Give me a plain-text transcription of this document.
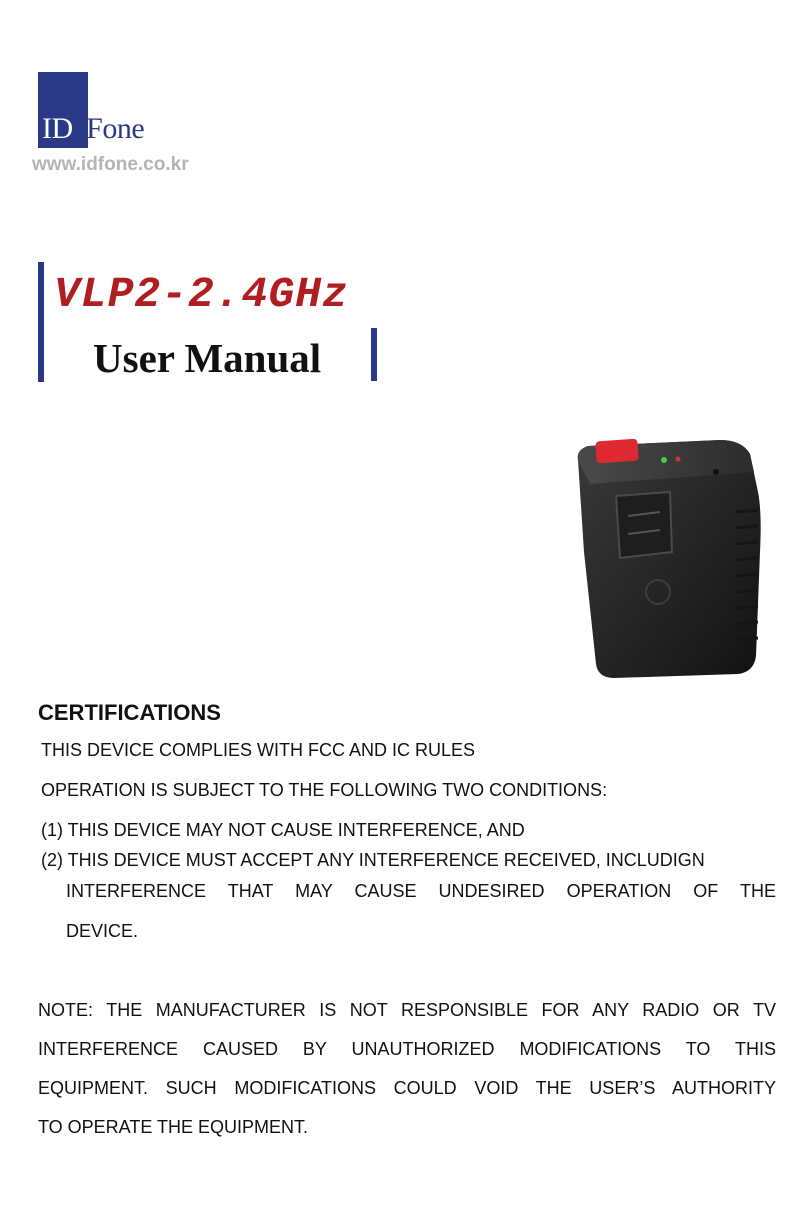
ID·Fone
www.idfone.co.kr
VLP2-2.4GHz
User Manual
CERTIFICATIONS
THIS DEVICE COMPLIES WITH FCC AND IC RULES
OPERATION IS SUBJECT TO THE FOLLOWING TWO CONDITIONS:
(1) THIS DEVICE MAY NOT CAUSE INTERFERENCE, AND
(2) THIS DEVICE MUST ACCEPT ANY INTERFERENCE RECEIVED, INCLUDIGN
INTERFERENCE THAT MAY CAUSE UNDESIRED OPERATION OF THE
DEVICE.
NOTE: THE MANUFACTURER IS NOT RESPONSIBLE FOR ANY RADIO OR TV
INTERFERENCE CAUSED BY UNAUTHORIZED MODIFICATIONS TO THIS
EQUIPMENT. SUCH MODIFICATIONS COULD VOID THE USER’S AUTHORITY
TO OPERATE THE EQUIPMENT.
